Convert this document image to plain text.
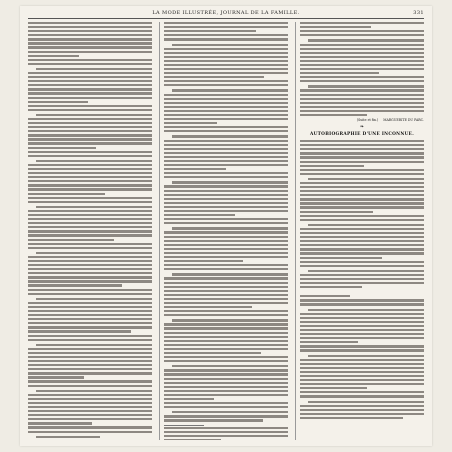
LA MODE ILLUSTRÉE, JOURNAL DE LA FAMILLE.	331
(Suite et fin.) MARGUERITE DU PARC.
❧
AUTOBIOGRAPHIE D'UNE INCONNUE.
